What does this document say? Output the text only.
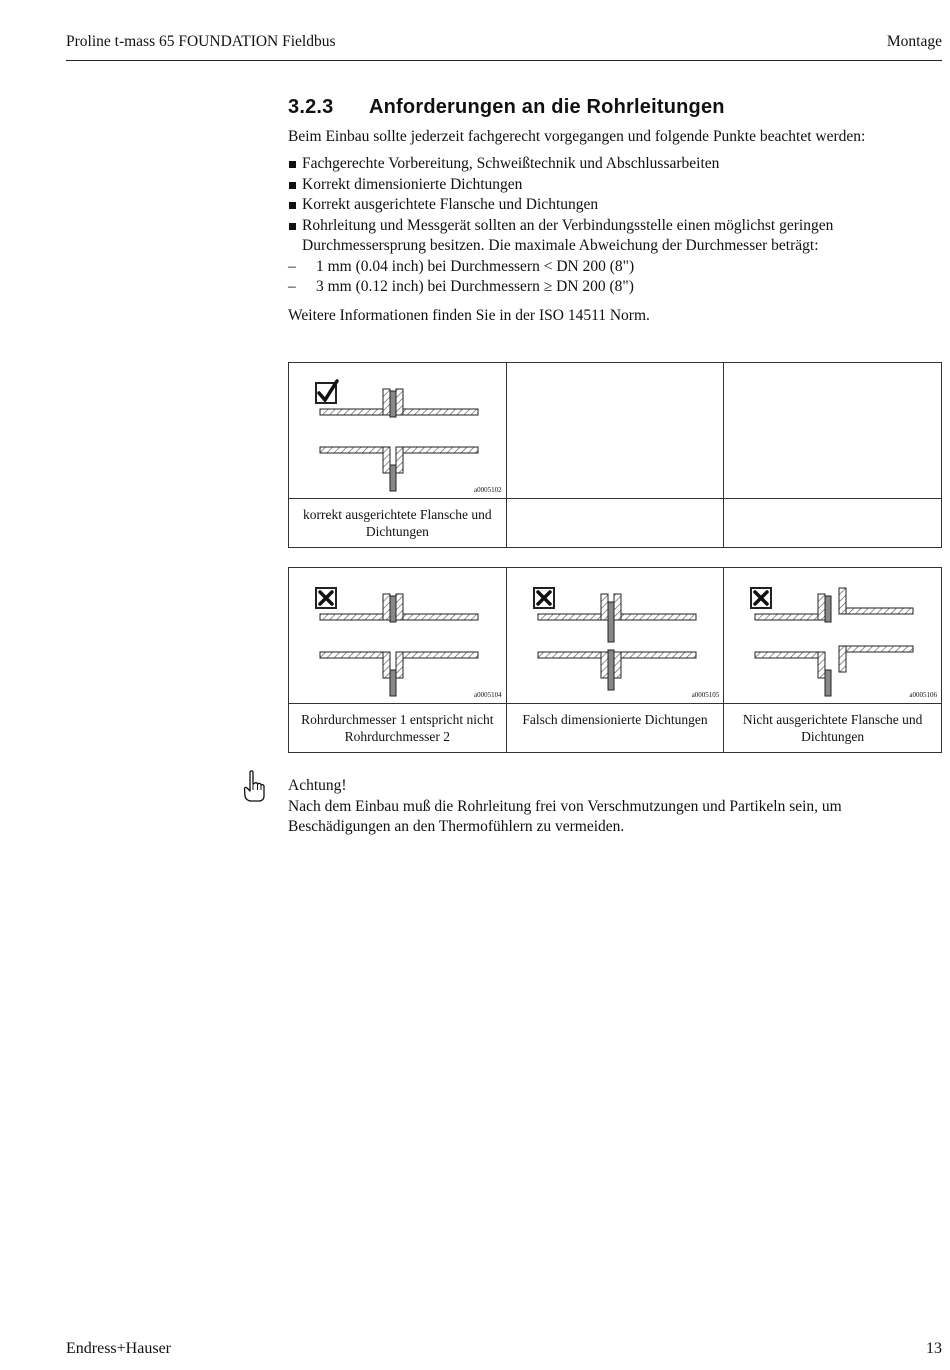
Proline t-mass 65 FOUNDATION Fieldbus	Montage
3.2.3 Anforderungen an die Rohrleitungen

Beim Einbau sollte jederzeit fachgerecht vorgegangen und folgende Punkte beachtet werden:

Fachgerechte Vorbereitung, Schweißtechnik und Abschlussarbeiten
Korrekt dimensionierte Dichtungen
Korrekt ausgerichtete Flansche und Dichtungen
Rohrleitung und Messgerät sollten an der Verbindungsstelle einen möglichst geringen Durchmessersprung besitzen. Die maximale Abweichung der Durchmesser beträgt:
– 1 mm (0.04 inch) bei Durchmessern < DN 200 (8")
– 3 mm (0.12 inch) bei Durchmessern ≥ DN 200 (8")

Weitere Informationen finden Sie in der ISO 14511 Norm.

a0005102		

korrekt ausgerichtete Flansche und Dichtungen		
a0005104	a0005105	a0005106

Rohrdurchmesser 1 entspricht nicht Rohrdurchmesser 2	Falsch dimensionierte Dichtungen	Nicht ausgerichtete Flansche und Dichtungen
Achtung!
Nach dem Einbau muß die Rohrleitung frei von Verschmutzungen und Partikeln sein, um Beschädigungen an den Thermofühlern zu vermeiden.
Endress+Hauser	13
